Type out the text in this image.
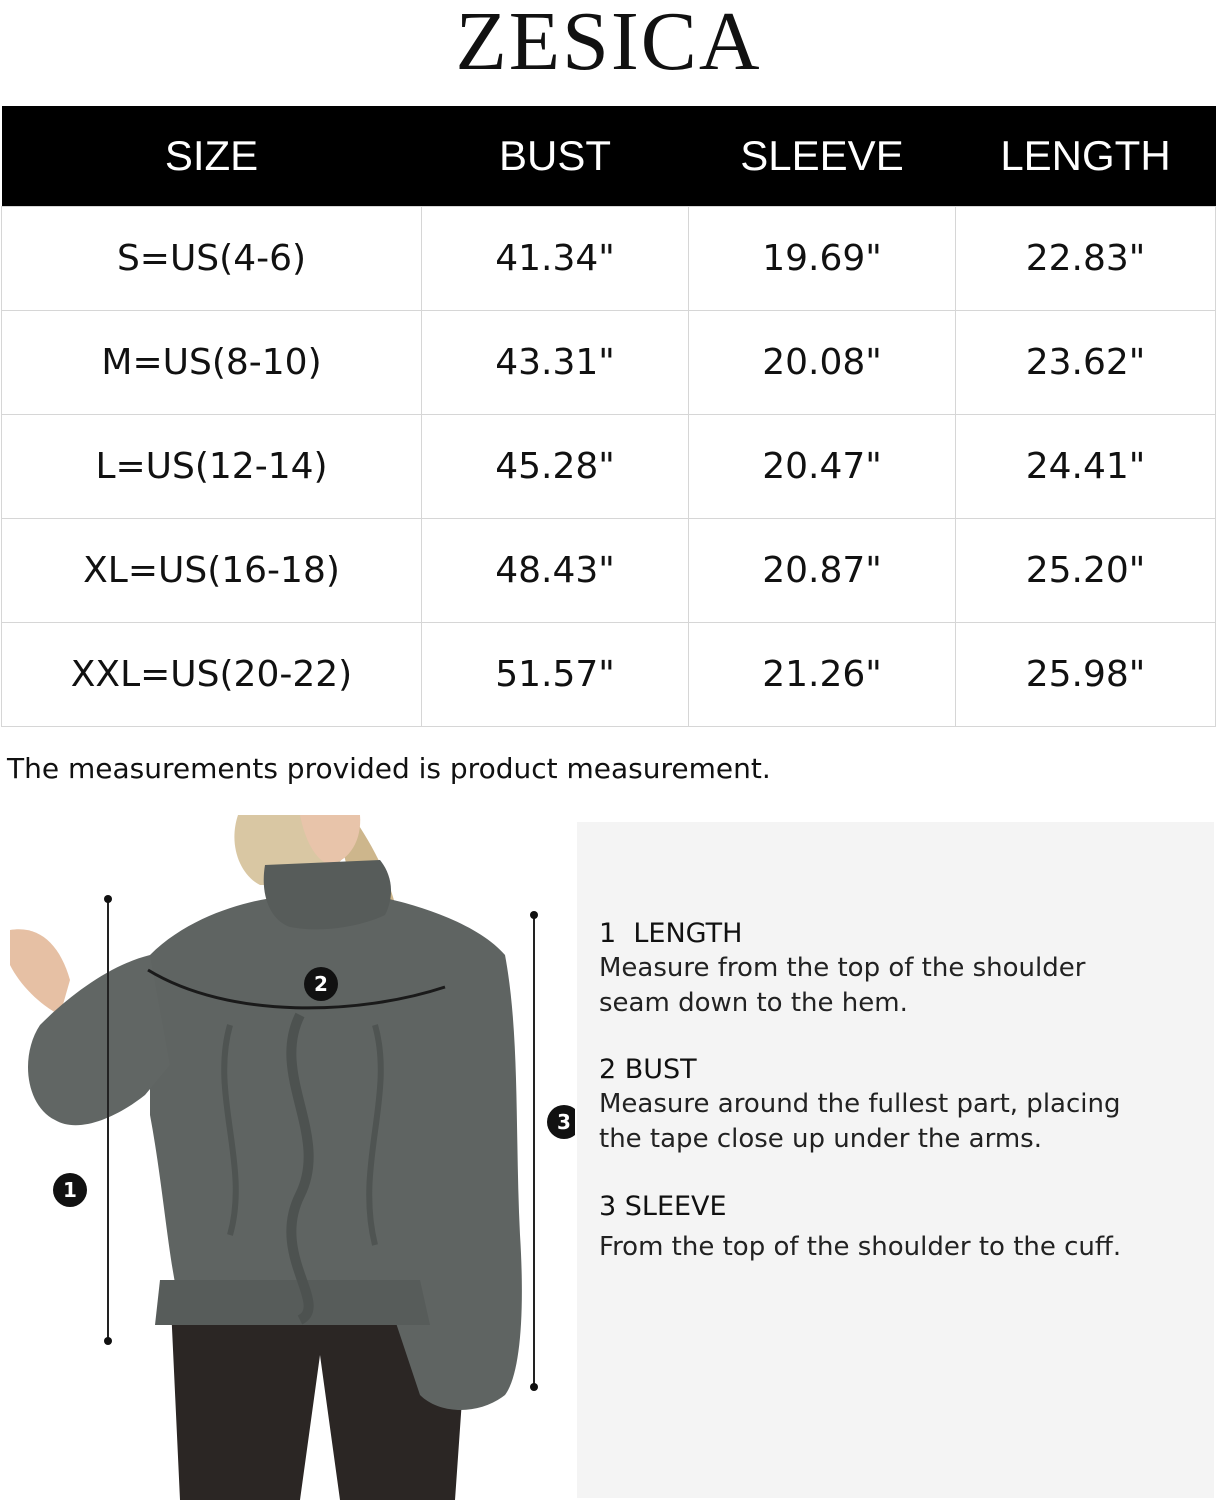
ZESICA
SIZE	BUST	SLEEVE	LENGTH
S=US(4-6)	41.34"	19.69"	22.83"
M=US(8-10)	43.31"	20.08"	23.62"
L=US(12-14)	45.28"	20.47"	24.41"
XL=US(16-18)	48.43"	20.87"	25.20"
XXL=US(20-22)	51.57"	21.26"	25.98"
The measurements provided is product measurement.
1
2
3
1  LENGTH
Measure from the top of the shoulder seam down to the hem.
2 BUST
Measure around the fullest part, placing the tape close up under the arms.
3 SLEEVE
From the top of the shoulder to the cuff.
